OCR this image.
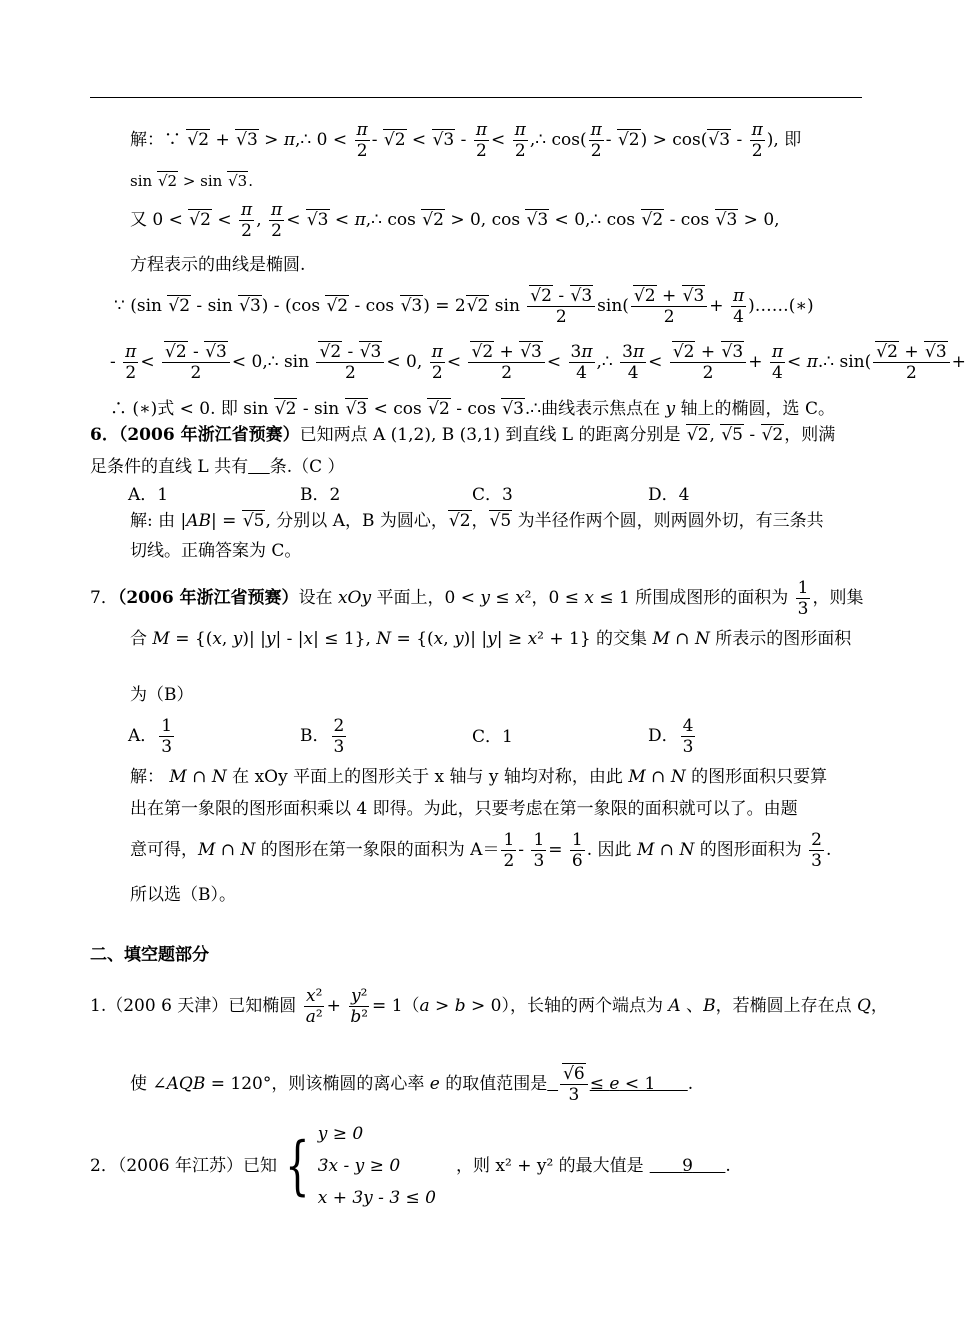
解：∵ √2 + √3 > π,∴ $0 < \frac{\pi}{2} - √2 < √3 - \frac{\pi}{2} < \frac{\pi}{2}$ ,∴ $\cos( \frac{\pi}{2} - √2) > \cos(√3 - \frac{\pi}{2}$ ), 即
sin √2 > sin √3.
又 $0 < √2 < \frac{\pi}{2}$ , $\frac{\pi}{2} < √3$ < π,∴ cos √2 > 0, cos √3 < 0,∴ cos √2 - cos √3 > 0,
方程表示的曲线是椭圆.
∵ (sin √2 - sin √3) - (cos √2 - cos √3) = 2√2 $\sin \frac{√2 - √3}{2} \sin( \frac{√2 + √3}{2} + \frac{\pi}{4}$ )……(∗)
- $\frac{\pi}{2} < \frac{√2 - √3}{2}$ < 0,∴ $\sin \frac{√2 - √3}{2} < 0$, $\frac{\pi}{2} < \frac{√2 + √3}{2} < \frac{3\pi}{4}$ ,∴ $\frac{3\pi}{4} < \frac{√2 + √3}{2} + \frac{\pi}{4}$ < π.∴ $\sin( \frac{√2 + √3}{2}$ +
∴ (∗)式 < 0. 即 sin √2 - sin √3 < cos √2 - cos √3.∴曲线表示焦点在 y 轴上的椭圆，选 C。
6．（2006 年浙江省预赛）已知两点 A (1,2), B (3,1) 到直线 L 的距离分别是 √2, √5 - √2，则满
足条件的直线 L 共有 条.（C ）
A．1	B．2	C．3	D．4
解: 由 |AB| = √5, 分别以 A，B 为圆心，√2，√5 为半径作两个圆，则两圆外切，有三条共
切线。正确答案为 C。
7．（2006 年浙江省预赛）设在 xOy 平面上，0 < y ≤ x²，0 ≤ x ≤ 1 所围成图形的面积为 $\frac{1}{3}$ ，则集
合 M = {(x, y)| |y| - |x| ≤ 1}, N = {(x, y)| |y| ≥ x² + 1} 的交集 M ∩ N 所表示的图形面积
为（B）
A． $\frac{1}{3}$	B． $\frac{2}{3}$	C．1	D． $\frac{4}{3}$
解： M ∩ N 在 xOy 平面上的图形关于 x 轴与 y 轴均对称，由此 M ∩ N 的图形面积只要算
出在第一象限的图形面积乘以 4 即得。为此，只要考虑在第一象限的面积就可以了。由题
意可得，M ∩ N 的图形在第一象限的面积为 $A= \frac{1}{2} - \frac{1}{3} = \frac{1}{6}$ . 因此 M ∩ N 的图形面积为 $\frac{2}{3}$ .
所以选（B）。
二、填空题部分
1.（200 6 天津）已知椭圆 $\frac{\text{x²}}{\text{a²}} + \frac{\text{y²}}{\text{b²}} = 1(a > b > 0)$，长轴的两个端点为 A 、B，若椭圆上存在点 Q，
使 ∠AQB = 120°，则该椭圆的离心率 e 的取值范围是 $\frac{√6}{3} \le e < 1$      .
2．（2006 年江苏）已知 { y ≥ 0
3x - y ≥ 0
x + 3y - 3 ≤ 0
，则 x² + y² 的最大值是	9	.
